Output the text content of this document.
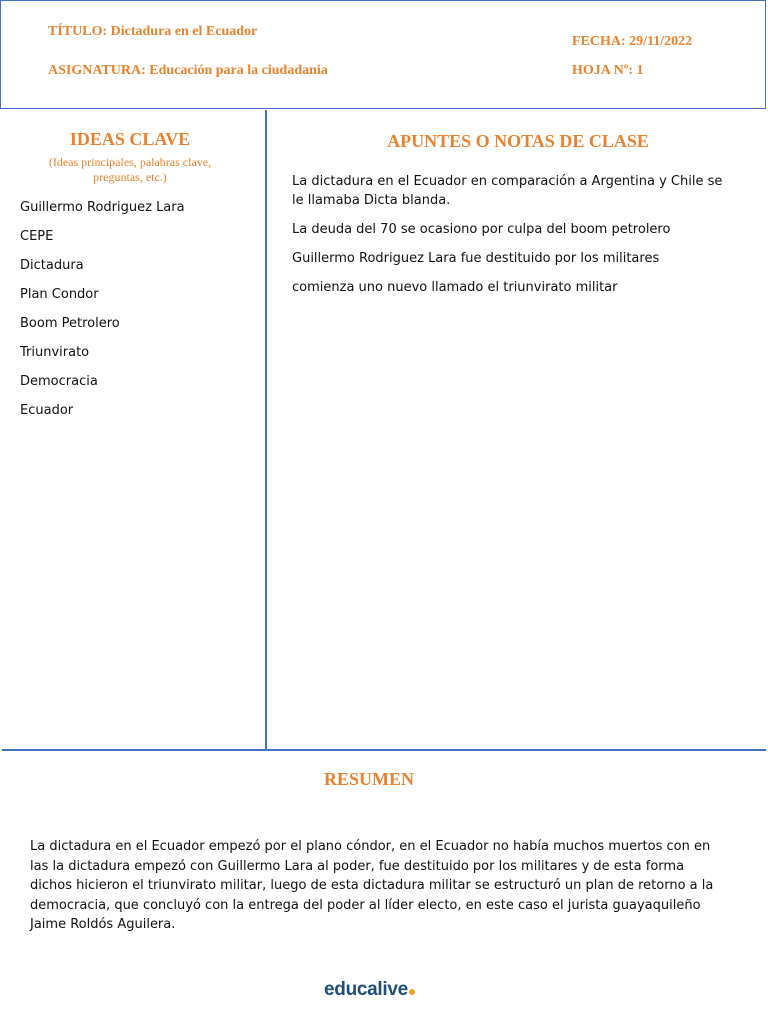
TÍTULO: Dictadura en el Ecuador
ASIGNATURA: Educación para la ciudadania
FECHA: 29/11/2022
HOJA Nº: 1
IDEAS CLAVE
(Ideas principales, palabras clave, preguntas, etc.)
Guillermo Rodriguez Lara
CEPE
Dictadura
Plan Condor
Boom Petrolero
Triunvirato
Democracia
Ecuador
APUNTES O NOTAS DE CLASE

La dictadura en el Ecuador en comparación a Argentina y Chile se le llamaba Dicta blanda.

La deuda del 70 se ocasiono por culpa del boom petrolero

Guillermo Rodriguez Lara fue destituido por los militares

comienza uno nuevo llamado el triunvirato militar

RESUMEN

La dictadura en el Ecuador empezó por el plano cóndor, en el Ecuador no había muchos muertos con en las la dictadura empezó con Guillermo Lara al poder, fue destituido por los militares y de esta forma dichos hicieron el triunvirato militar, luego de esta dictadura militar se estructuró un plan de retorno a la democracia, que concluyó con la entrega del poder al líder electo, en este caso el jurista guayaquileño Jaime Roldós Aguilera.

educalive
